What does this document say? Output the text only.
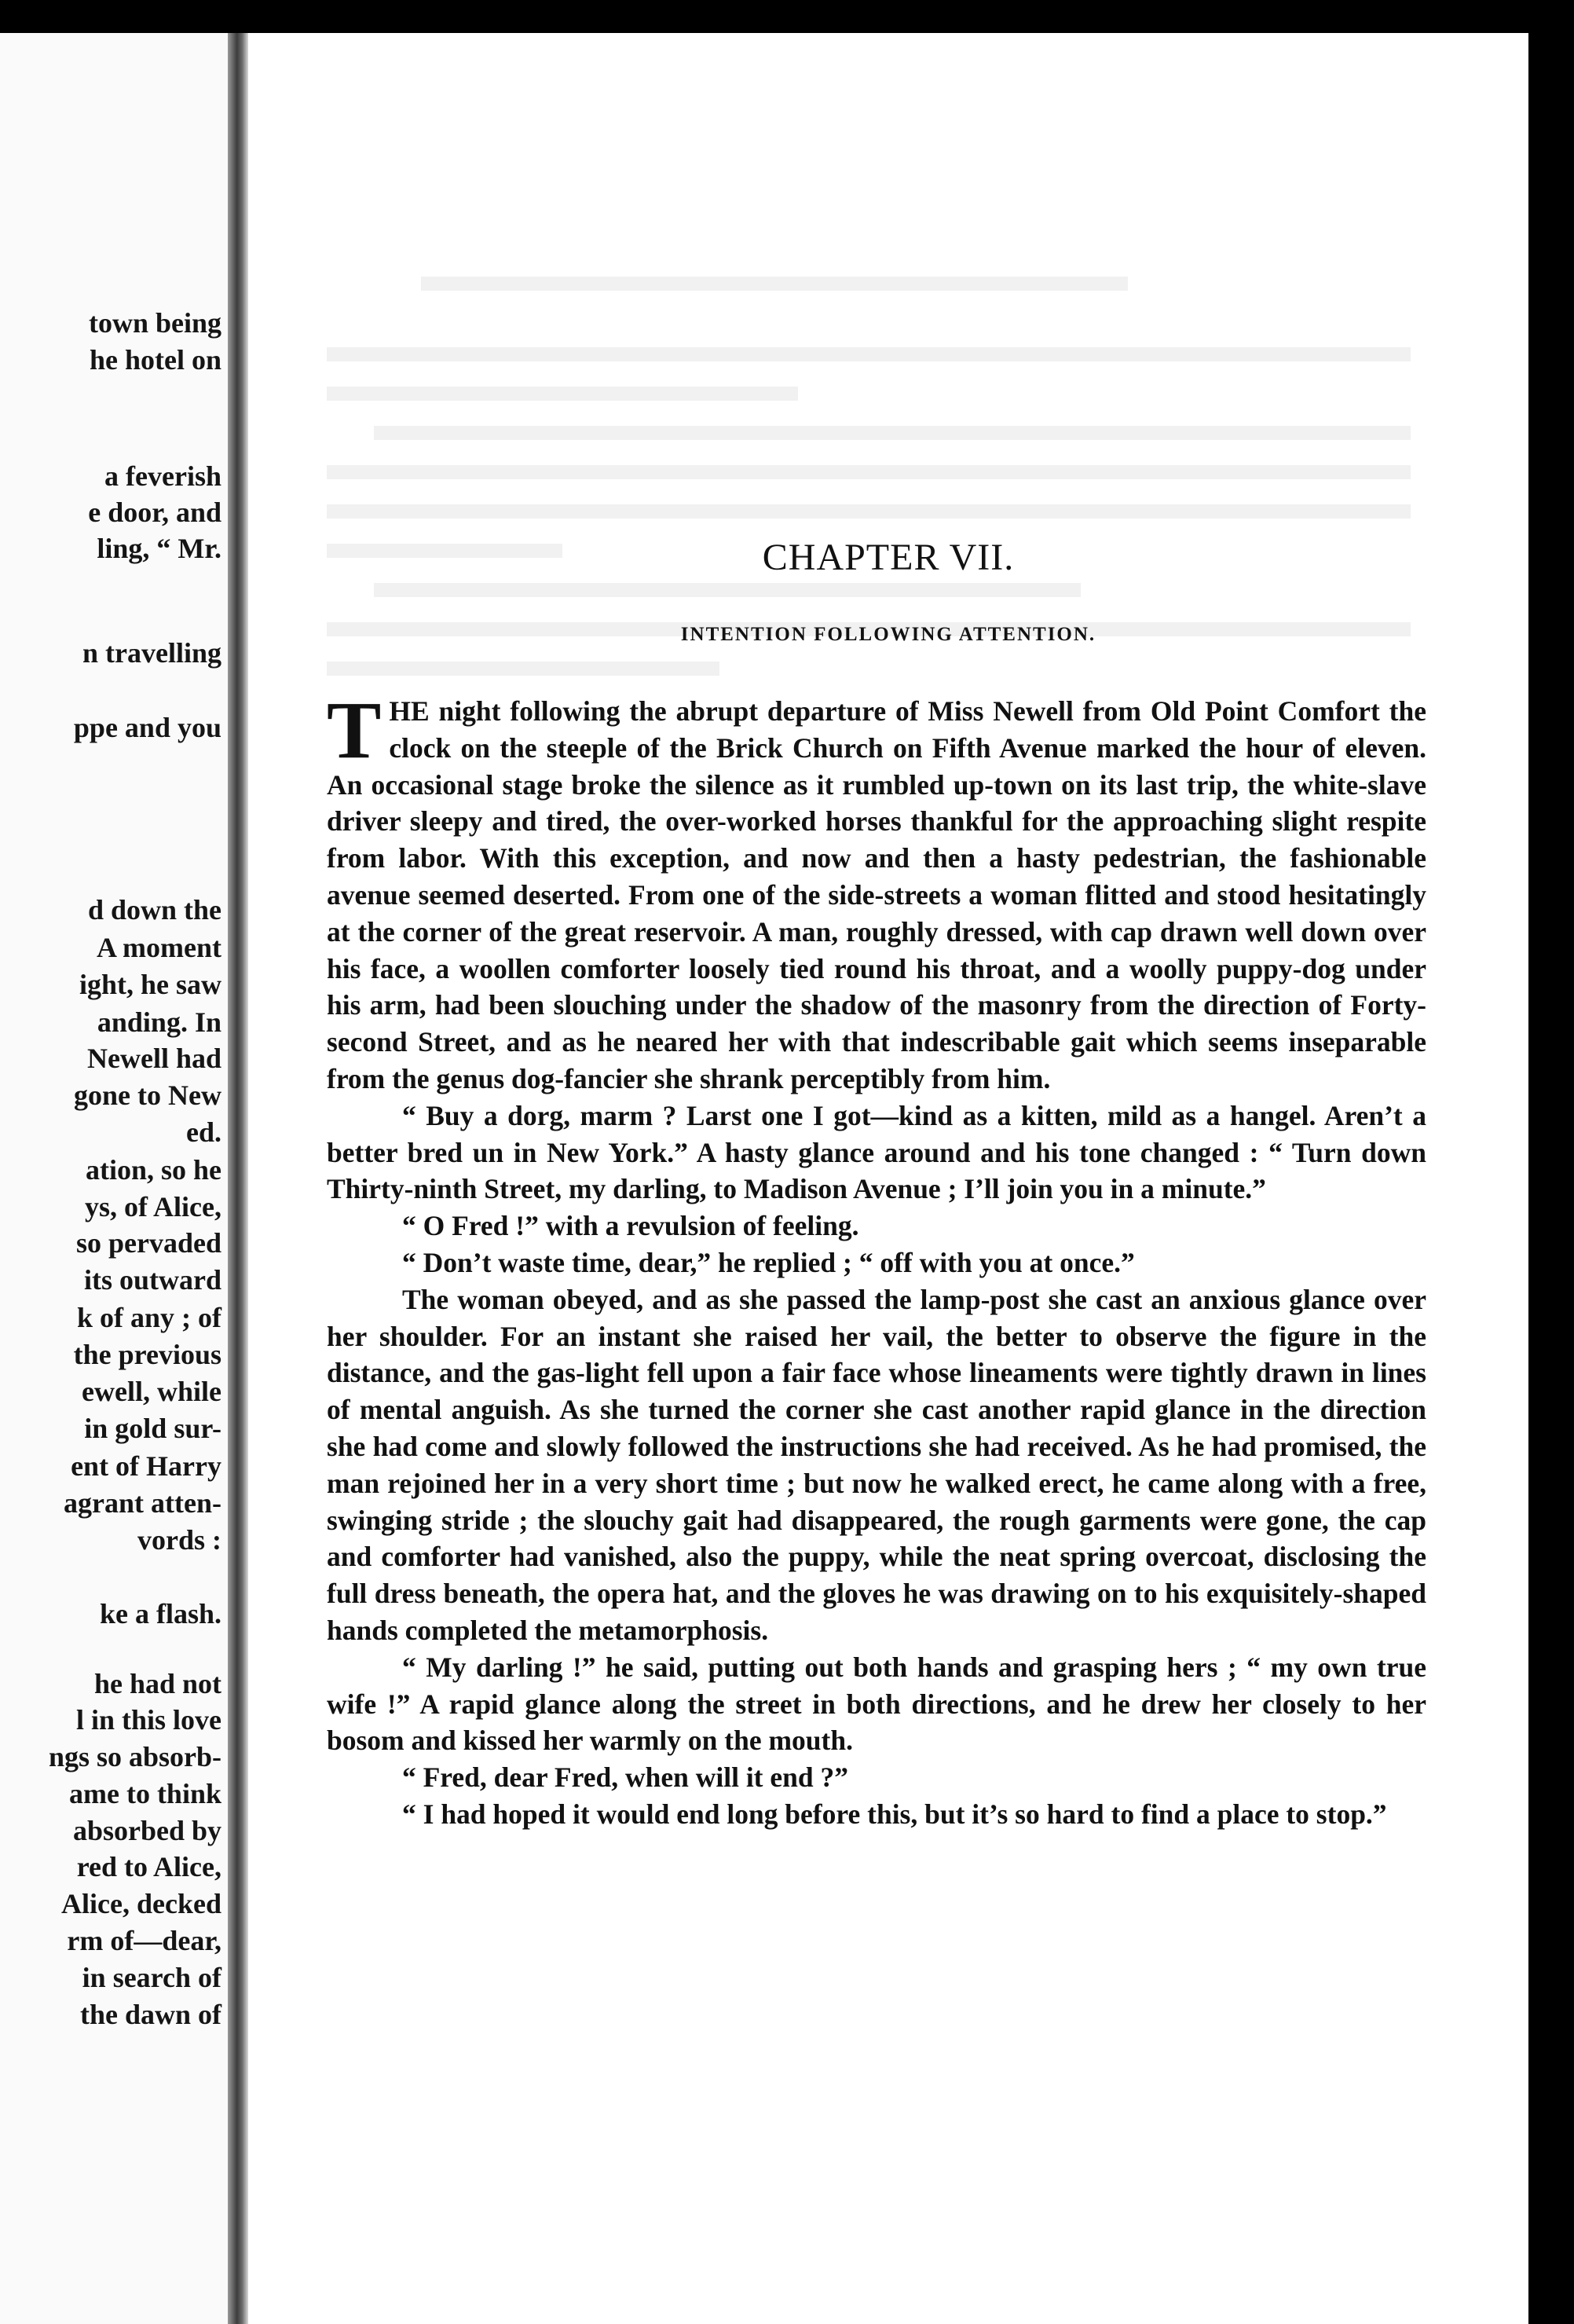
town being
he hotel on
a feverish
e door, and
ling, “ Mr.
n travelling
ppe and you
d down the
A moment
ight, he saw
anding. In
Newell had
gone to New
ed.
ation, so he
ys, of Alice,
so pervaded
its outward
k of any ; of
the previous
ewell, while
in gold sur-
ent of Harry
agrant atten-
vords :
ke a flash.
he had not
l in this love
ngs so absorb-
ame to think
absorbed by
red to Alice,
Alice, decked
rm of—dear,
in search of
the dawn of
CHAPTER VII.
INTENTION FOLLOWING ATTENTION.

THE night following the abrupt departure of Miss Newell from Old Point Comfort the clock on the steeple of the Brick Church on Fifth Avenue marked the hour of eleven. An occasional stage broke the silence as it rumbled up-town on its last trip, the white-slave driver sleepy and tired, the over-worked horses thankful for the approaching slight respite from labor. With this exception, and now and then a hasty pedestrian, the fashionable avenue seemed deserted. From one of the side-streets a woman flitted and stood hesitatingly at the corner of the great reservoir. A man, roughly dressed, with cap drawn well down over his face, a woollen comforter loosely tied round his throat, and a woolly puppy-dog under his arm, had been slouching under the shadow of the masonry from the direction of Forty-second Street, and as he neared her with that indescribable gait which seems inseparable from the genus dog-fancier she shrank perceptibly from him.

“ Buy a dorg, marm ? Larst one I got—kind as a kitten, mild as a hangel. Aren’t a better bred un in New York.” A hasty glance around and his tone changed : “ Turn down Thirty-ninth Street, my darling, to Madison Avenue ; I’ll join you in a minute.”

“ O Fred !” with a revulsion of feeling.

“ Don’t waste time, dear,” he replied ; “ off with you at once.”

The woman obeyed, and as she passed the lamp-post she cast an anxious glance over her shoulder. For an instant she raised her vail, the better to observe the figure in the distance, and the gas-light fell upon a fair face whose lineaments were tightly drawn in lines of mental anguish. As she turned the corner she cast another rapid glance in the direction she had come and slowly followed the instructions she had received. As he had promised, the man rejoined her in a very short time ; but now he walked erect, he came along with a free, swinging stride ; the slouchy gait had disappeared, the rough garments were gone, the cap and comforter had vanished, also the puppy, while the neat spring overcoat, disclosing the full dress beneath, the opera hat, and the gloves he was drawing on to his exquisitely-shaped hands completed the metamorphosis.

“ My darling !” he said, putting out both hands and grasping hers ; “ my own true wife !” A rapid glance along the street in both directions, and he drew her closely to her bosom and kissed her warmly on the mouth.

“ Fred, dear Fred, when will it end ?”

“ I had hoped it would end long before this, but it’s so hard to find a place to stop.”
